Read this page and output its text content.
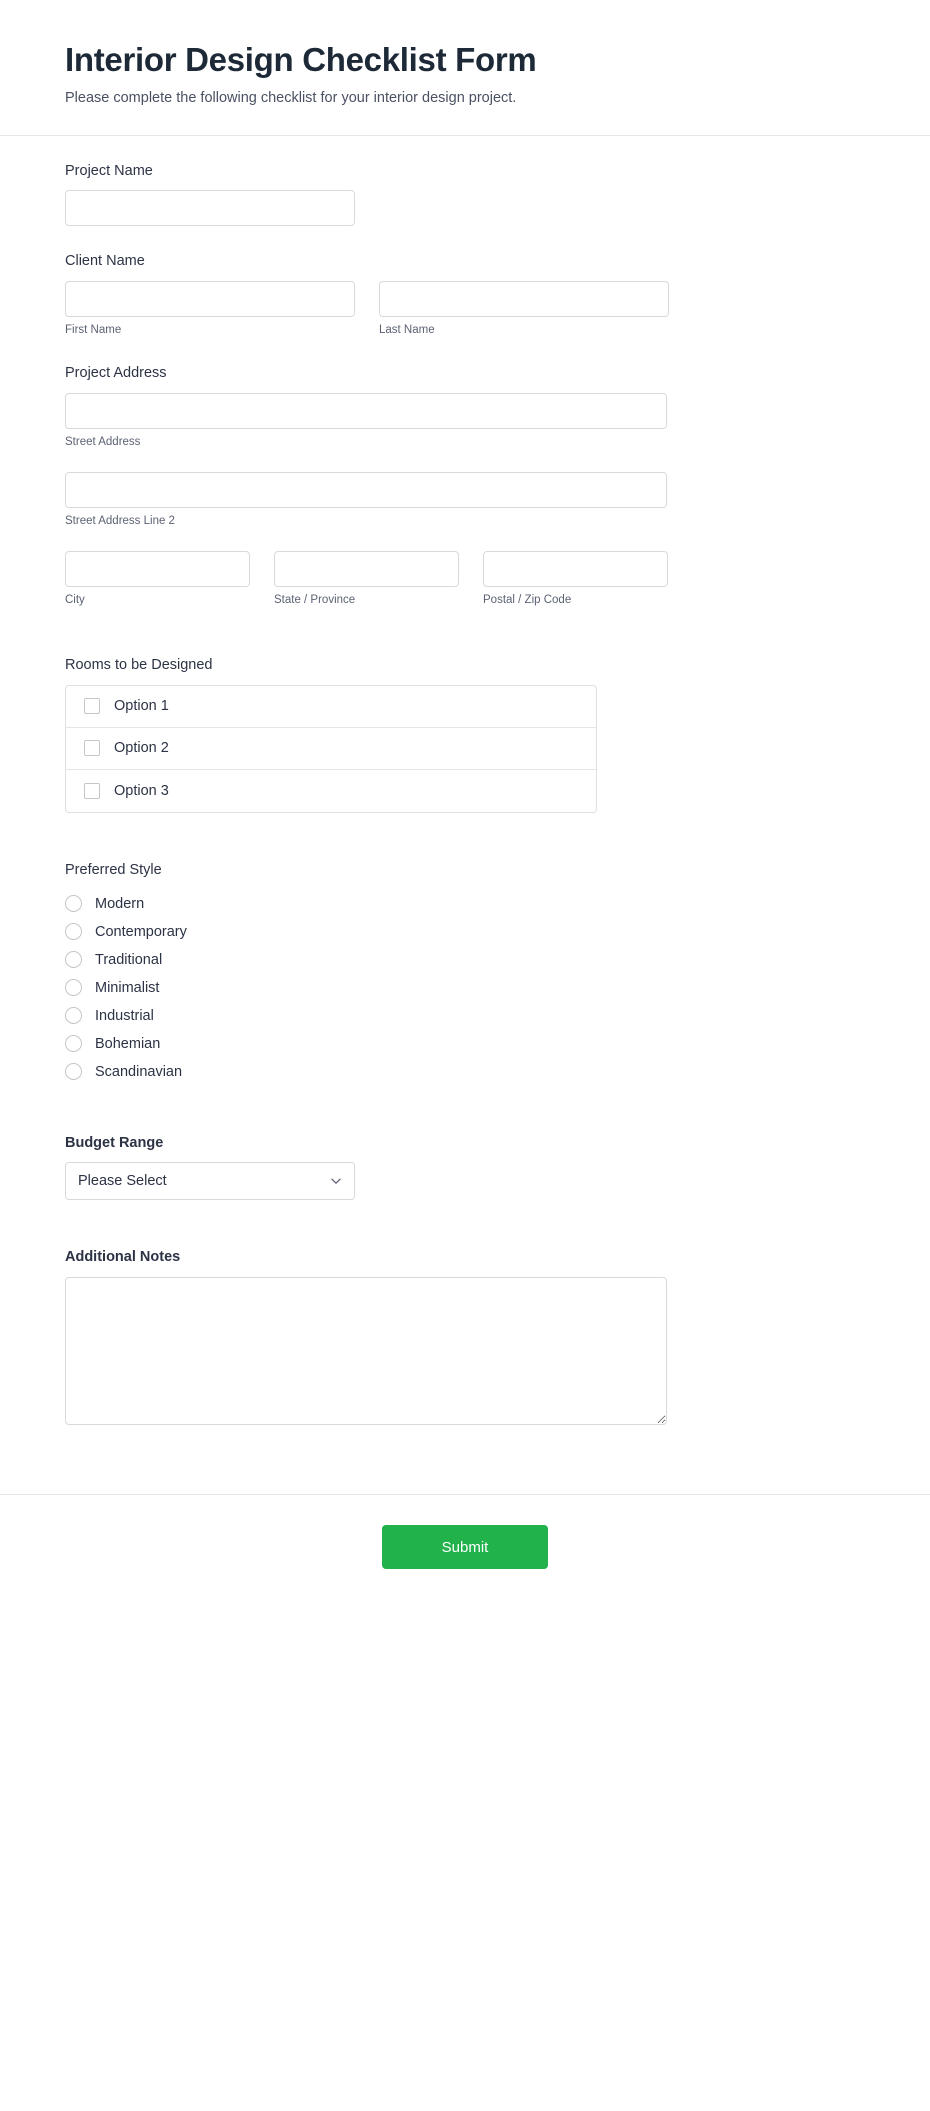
Interior Design Checklist Form

Please complete the following checklist for your interior design project.

Project Name
Client Name
First Name	Last Name
Project Address
Street Address
Street Address Line 2
City	State / Province	Postal / Zip Code
Rooms to be Designed
Option 1
Option 2
Option 3
Preferred Style
Modern
Contemporary
Traditional
Minimalist
Industrial
Bohemian
Scandinavian
Budget Range
Please Select
Additional Notes
Submit
